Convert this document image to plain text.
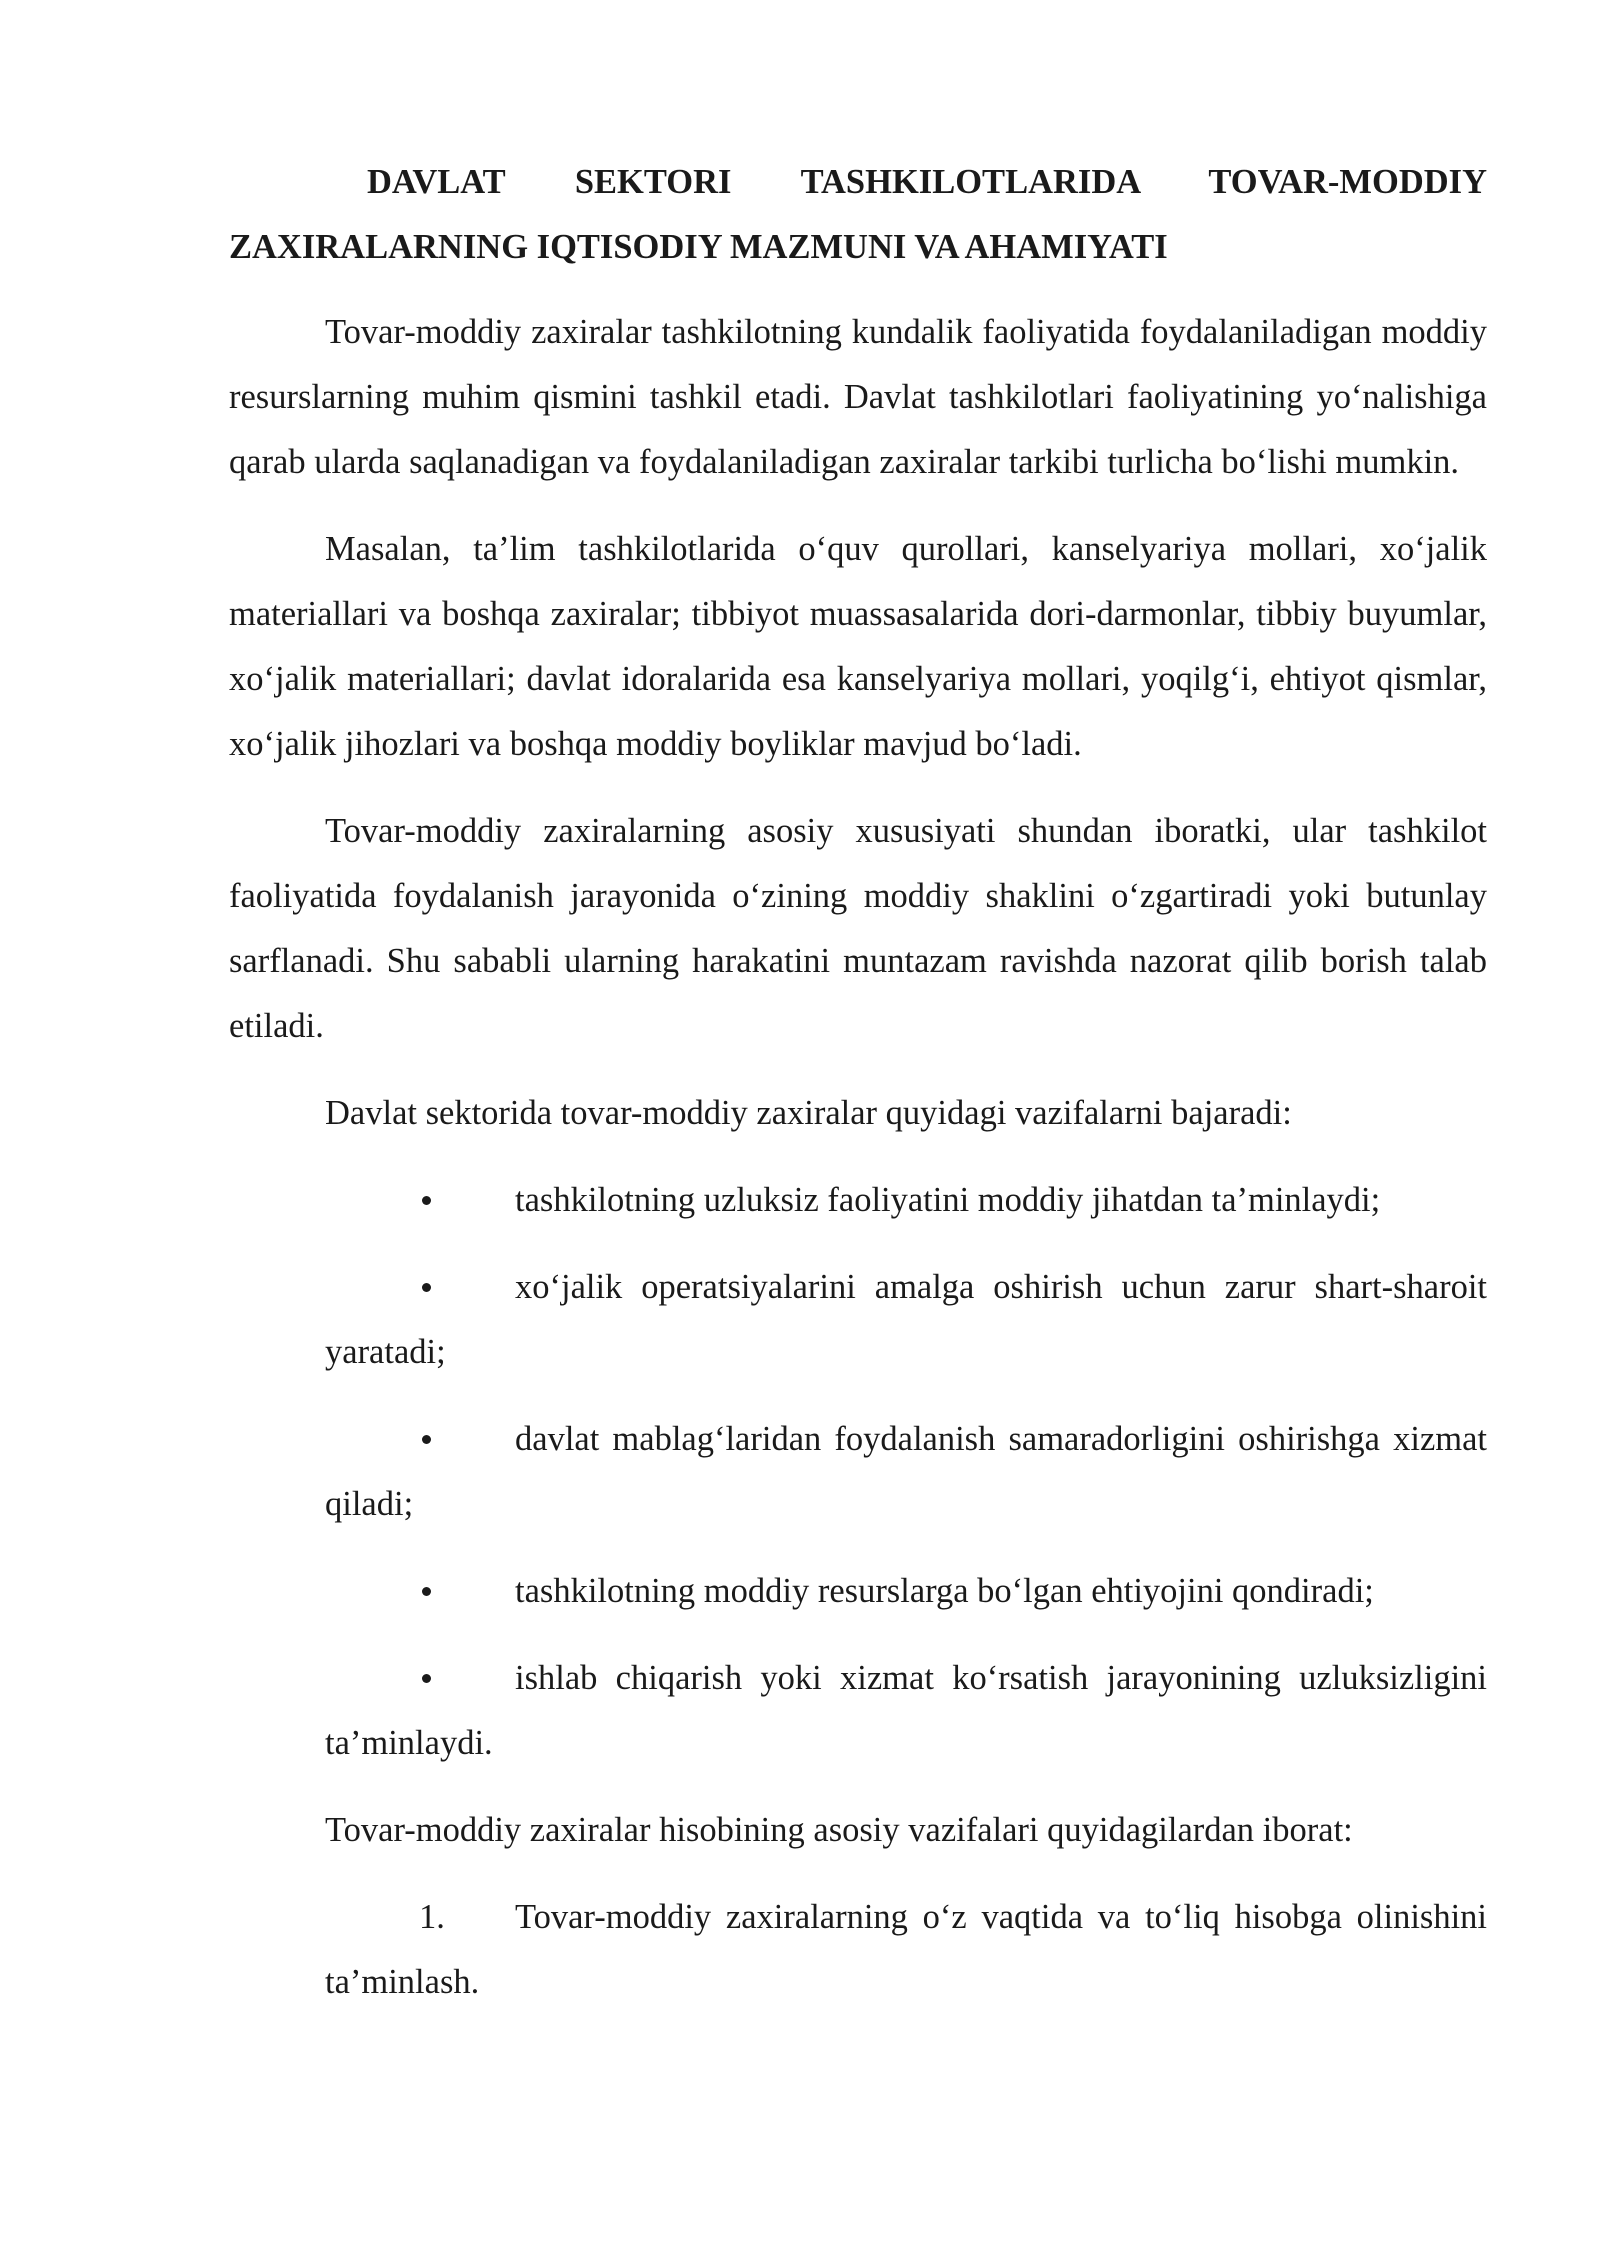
DAVLAT SEKTORI TASHKILOTLARIDA TOVAR-MODDIY
ZAXIRALARNING IQTISODIY MAZMUNI VA AHAMIYATI

Tovar-moddiy zaxiralar tashkilotning kundalik faoliyatida foydalaniladigan moddiy resurslarning muhim qismini tashkil etadi. Davlat tashkilotlari faoliyatining yo‘nalishiga qarab ularda saqlanadigan va foydalaniladigan zaxiralar tarkibi turlicha bo‘lishi mumkin.

Masalan, ta’lim tashkilotlarida o‘quv qurollari, kanselyariya mollari, xo‘jalik materiallari va boshqa zaxiralar; tibbiyot muassasalarida dori-darmonlar, tibbiy buyumlar, xo‘jalik materiallari; davlat idoralarida esa kanselyariya mollari, yoqilg‘i, ehtiyot qismlar, xo‘jalik jihozlari va boshqa moddiy boyliklar mavjud bo‘ladi.

Tovar-moddiy zaxiralarning asosiy xususiyati shundan iboratki, ular tashkilot faoliyatida foydalanish jarayonida o‘zining moddiy shaklini o‘zgartiradi yoki butunlay sarflanadi. Shu sababli ularning harakatini muntazam ravishda nazorat qilib borish talab etiladi.

Davlat sektorida tovar-moddiy zaxiralar quyidagi vazifalarni bajaradi:

tashkilotning uzluksiz faoliyatini moddiy jihatdan ta’minlaydi;
xo‘jalik operatsiyalarini amalga oshirish uchun zarur shart-sharoit yaratadi;
davlat mablag‘laridan foydalanish samaradorligini oshirishga xizmat qiladi;
tashkilotning moddiy resurslarga bo‘lgan ehtiyojini qondiradi;
ishlab chiqarish yoki xizmat ko‘rsatish jarayonining uzluksizligini ta’minlaydi.

Tovar-moddiy zaxiralar hisobining asosiy vazifalari quyidagilardan iborat:

1.	Tovar-moddiy zaxiralarning o‘z vaqtida va to‘liq hisobga olinishini ta’minlash.
